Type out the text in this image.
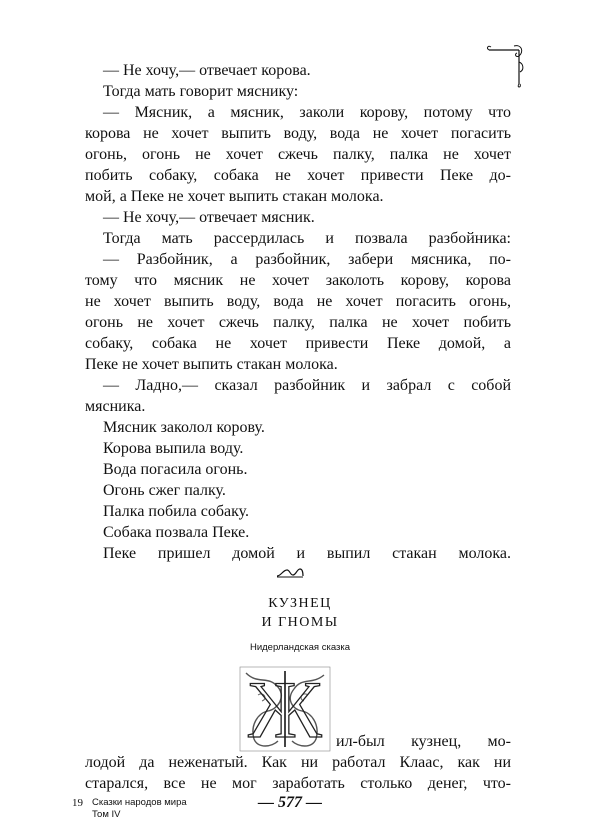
— Не хочу,— отвечает корова.
Тогда мать говорит мяснику:
— Мясник, а мясник, заколи корову, потому что
корова не хочет выпить воду, вода не хочет погасить
огонь, огонь не хочет сжечь палку, палка не хочет
побить собаку, собака не хочет привести Пеке до-
мой, а Пеке не хочет выпить стакан молока.
— Не хочу,— отвечает мясник.
Тогда мать рассердилась и позвала разбойника:
— Разбойник, а разбойник, забери мясника, по-
тому что мясник не хочет заколоть корову, корова
не хочет выпить воду, вода не хочет погасить огонь,
огонь не хочет сжечь палку, палка не хочет побить
собаку, собака не хочет привести Пеке домой, а
Пеке не хочет выпить стакан молока.
— Ладно,— сказал разбойник и забрал с собой
мясника.
Мясник заколол корову.
Корова выпила воду.
Вода погасила огонь.
Огонь сжег палку.
Палка побила собаку.
Собака позвала Пеке.
Пеке пришел домой и выпил стакан молока.
КУЗНЕЦ
И ГНОМЫ
Нидерландская сказка
Ж ил-был кузнец, мо-
лодой да неженатый. Как ни работал Клаас, как ни
старался, все не мог заработать столько денег, что-
19 Сказки народов мира
Том IV
— 577 —
